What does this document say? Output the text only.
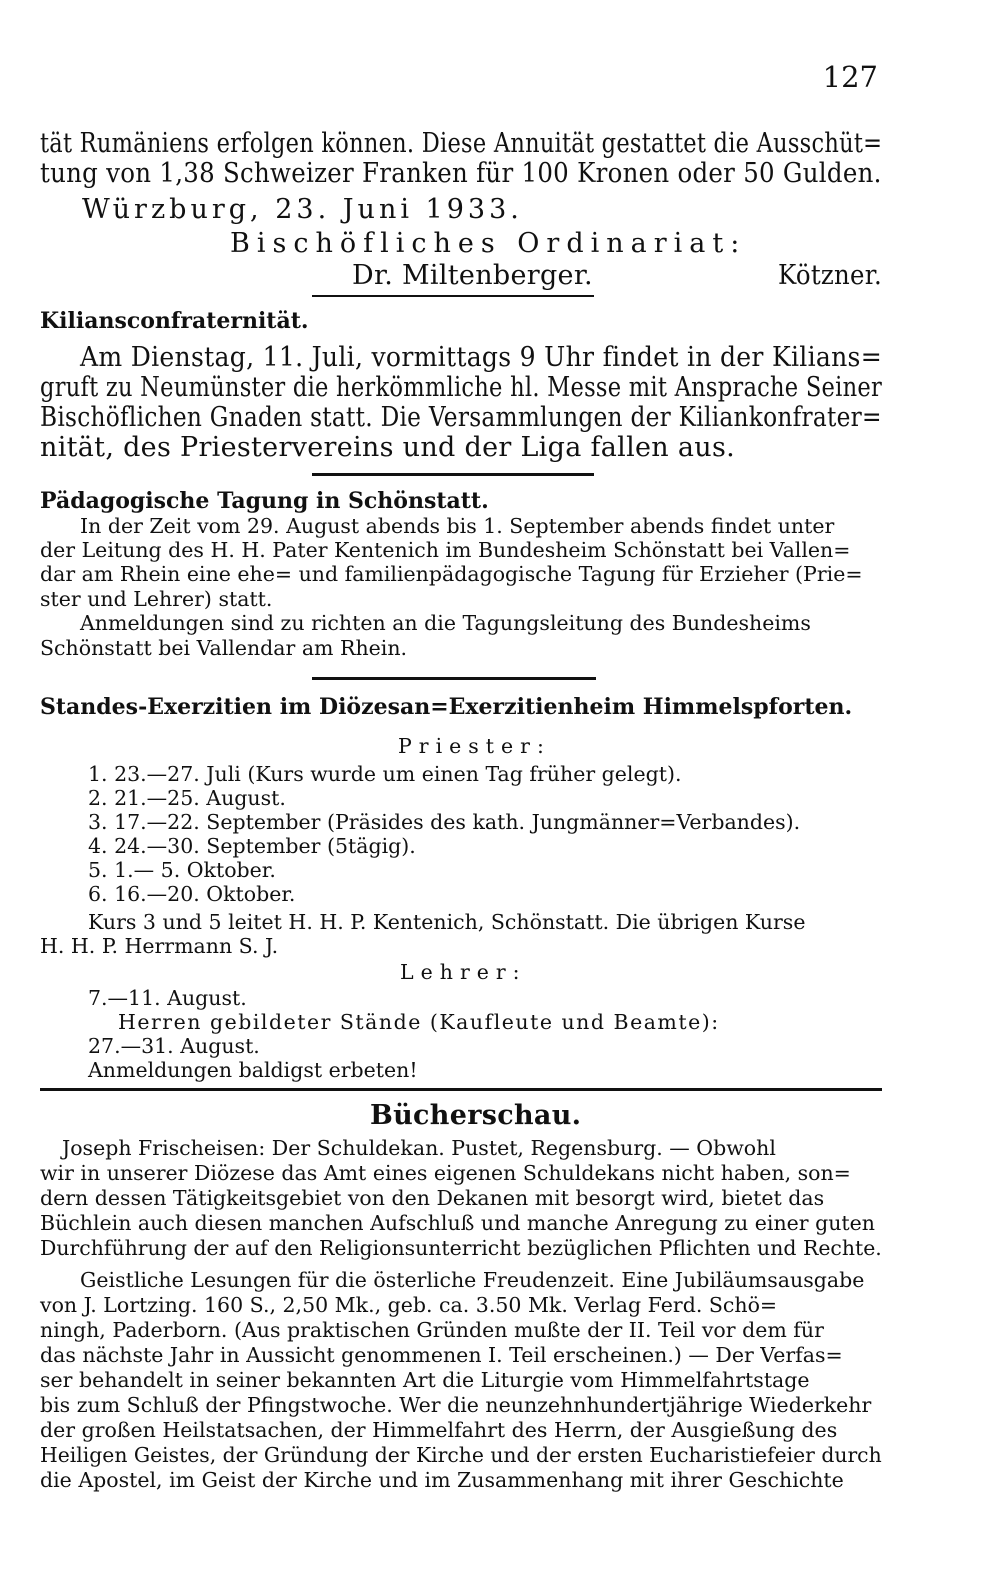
127
tät Rumäniens erfolgen können. Diese Annuität gestattet die Ausschüt=
tung von 1,38 Schweizer Franken für 100 Kronen oder 50 Gulden.
Würzburg, 23. Juni 1933.
Bischöfliches Ordinariat:
Dr. Miltenberger.	Kötzner.
Kiliansconfraternität.
Am Dienstag, 11. Juli, vormittags 9 Uhr findet in der Kilians=
gruft zu Neumünster die herkömmliche hl. Messe mit Ansprache Seiner
Bischöflichen Gnaden statt. Die Versammlungen der Kiliankonfrater=
nität, des Priestervereins und der Liga fallen aus.
Pädagogische Tagung in Schönstatt.
In der Zeit vom 29. August abends bis 1. September abends findet unter
der Leitung des H. H. Pater Kentenich im Bundesheim Schönstatt bei Vallen=
dar am Rhein eine ehe= und familienpädagogische Tagung für Erzieher (Prie=
ster und Lehrer) statt.
Anmeldungen sind zu richten an die Tagungsleitung des Bundesheims
Schönstatt bei Vallendar am Rhein.
Standes-Exerzitien im Diözesan=Exerzitienheim Himmelspforten.
Priester:
1. 23.—27. Juli (Kurs wurde um einen Tag früher gelegt).
2. 21.—25. August.
3. 17.—22. September (Präsides des kath. Jungmänner=Verbandes).
4. 24.—30. September (5tägig).
5. 1.— 5. Oktober.
6. 16.—20. Oktober.
Kurs 3 und 5 leitet H. H. P. Kentenich, Schönstatt. Die übrigen Kurse
H. H. P. Herrmann S. J.
Lehrer:
7.—11. August.
Herren gebildeter Stände (Kaufleute und Beamte):
27.—31. August.
Anmeldungen baldigst erbeten!
Bücherschau.
Joseph Frischeisen: Der Schuldekan. Pustet, Regensburg. — Obwohl
wir in unserer Diözese das Amt eines eigenen Schuldekans nicht haben, son=
dern dessen Tätigkeitsgebiet von den Dekanen mit besorgt wird, bietet das
Büchlein auch diesen manchen Aufschluß und manche Anregung zu einer guten
Durchführung der auf den Religionsunterricht bezüglichen Pflichten und Rechte.
Geistliche Lesungen für die österliche Freudenzeit. Eine Jubiläumsausgabe
von J. Lortzing. 160 S., 2,50 Mk., geb. ca. 3.50 Mk. Verlag Ferd. Schö=
ningh, Paderborn. (Aus praktischen Gründen mußte der II. Teil vor dem für
das nächste Jahr in Aussicht genommenen I. Teil erscheinen.) — Der Verfas=
ser behandelt in seiner bekannten Art die Liturgie vom Himmelfahrtstage
bis zum Schluß der Pfingstwoche. Wer die neunzehnhundertjährige Wiederkehr
der großen Heilstatsachen, der Himmelfahrt des Herrn, der Ausgießung des
Heiligen Geistes, der Gründung der Kirche und der ersten Eucharistiefeier durch
die Apostel, im Geist der Kirche und im Zusammenhang mit ihrer Geschichte
